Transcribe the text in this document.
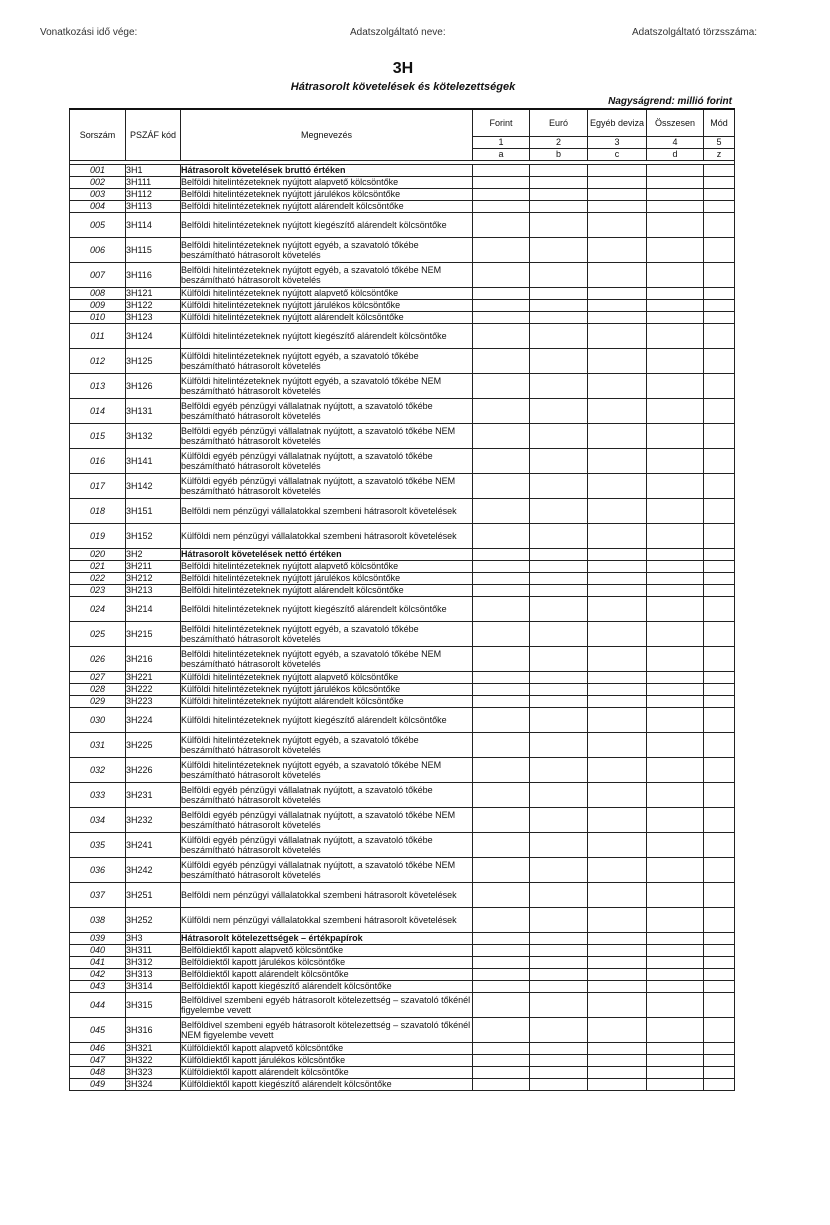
Vonatkozási idő vége:	Adatszolgáltató neve:	Adatszolgáltató törzsszáma:
3H
Hátrasorolt követelések és kötelezettségek
Nagyságrend: millió forint
Sorszám	PSZÁF kód	Megnevezés	Forint	Euró	Egyéb deviza	Összesen	Mód
			1	2	3	4	5
			a	b	c	d	z

001	3H1	Hátrasorolt követelések bruttó értéken					
002	3H111	Belföldi hitelintézeteknek nyújtott alapvető kölcsöntőke					
003	3H112	Belföldi hitelintézeteknek nyújtott járulékos kölcsöntőke					
004	3H113	Belföldi hitelintézeteknek nyújtott alárendelt kölcsöntőke					
005	3H114	Belföldi hitelintézeteknek nyújtott kiegészítő alárendelt kölcsöntőke					
006	3H115	Belföldi hitelintézeteknek nyújtott egyéb, a szavatoló tőkébe beszámítható hátrasorolt követelés					
007	3H116	Belföldi hitelintézeteknek nyújtott egyéb, a szavatoló tőkébe NEM beszámítható hátrasorolt követelés					
008	3H121	Külföldi hitelintézeteknek nyújtott alapvető kölcsöntőke					
009	3H122	Külföldi hitelintézeteknek nyújtott járulékos kölcsöntőke					
010	3H123	Külföldi hitelintézeteknek nyújtott alárendelt kölcsöntőke					
011	3H124	Külföldi hitelintézeteknek nyújtott kiegészítő alárendelt kölcsöntőke					
012	3H125	Külföldi hitelintézeteknek nyújtott egyéb, a szavatoló tőkébe beszámítható hátrasorolt követelés					
013	3H126	Külföldi hitelintézeteknek nyújtott egyéb, a szavatoló tőkébe NEM beszámítható hátrasorolt követelés					
014	3H131	Belföldi egyéb pénzügyi vállalatnak nyújtott, a szavatoló tőkébe beszámítható hátrasorolt követelés					
015	3H132	Belföldi egyéb pénzügyi vállalatnak nyújtott, a szavatoló tőkébe NEM beszámítható hátrasorolt követelés					
016	3H141	Külföldi egyéb pénzügyi vállalatnak nyújtott, a szavatoló tőkébe beszámítható hátrasorolt követelés					
017	3H142	Külföldi egyéb pénzügyi vállalatnak nyújtott, a szavatoló tőkébe NEM beszámítható hátrasorolt követelés					
018	3H151	Belföldi nem pénzügyi vállalatokkal szembeni hátrasorolt követelések					
019	3H152	Külföldi nem pénzügyi vállalatokkal szembeni hátrasorolt követelések					
020	3H2	Hátrasorolt követelések nettó értéken					
021	3H211	Belföldi hitelintézeteknek nyújtott alapvető kölcsöntőke					
022	3H212	Belföldi hitelintézeteknek nyújtott járulékos kölcsöntőke					
023	3H213	Belföldi hitelintézeteknek nyújtott alárendelt kölcsöntőke					
024	3H214	Belföldi hitelintézeteknek nyújtott kiegészítő alárendelt kölcsöntőke					
025	3H215	Belföldi hitelintézeteknek nyújtott egyéb, a szavatoló tőkébe beszámítható hátrasorolt követelés					
026	3H216	Belföldi hitelintézeteknek nyújtott egyéb, a szavatoló tőkébe NEM beszámítható hátrasorolt követelés					
027	3H221	Külföldi hitelintézeteknek nyújtott alapvető kölcsöntőke					
028	3H222	Külföldi hitelintézeteknek nyújtott járulékos kölcsöntőke					
029	3H223	Külföldi hitelintézeteknek nyújtott alárendelt kölcsöntőke					
030	3H224	Külföldi hitelintézeteknek nyújtott kiegészítő alárendelt kölcsöntőke					
031	3H225	Külföldi hitelintézeteknek nyújtott egyéb, a szavatoló tőkébe beszámítható hátrasorolt követelés					
032	3H226	Külföldi hitelintézeteknek nyújtott egyéb, a szavatoló tőkébe NEM beszámítható hátrasorolt követelés					
033	3H231	Belföldi egyéb pénzügyi vállalatnak nyújtott, a szavatoló tőkébe beszámítható hátrasorolt követelés					
034	3H232	Belföldi egyéb pénzügyi vállalatnak nyújtott, a szavatoló tőkébe NEM beszámítható hátrasorolt követelés					
035	3H241	Külföldi egyéb pénzügyi vállalatnak nyújtott, a szavatoló tőkébe beszámítható hátrasorolt követelés					
036	3H242	Külföldi egyéb pénzügyi vállalatnak nyújtott, a szavatoló tőkébe NEM beszámítható hátrasorolt követelés					
037	3H251	Belföldi nem pénzügyi vállalatokkal szembeni hátrasorolt követelések					
038	3H252	Külföldi nem pénzügyi vállalatokkal szembeni hátrasorolt követelések					
039	3H3	Hátrasorolt kötelezettségek – értékpapírok					
040	3H311	Belföldiektől kapott alapvető kölcsöntőke					
041	3H312	Belföldiektől kapott járulékos kölcsöntőke					
042	3H313	Belföldiektől kapott alárendelt kölcsöntőke					
043	3H314	Belföldiektől kapott kiegészítő alárendelt kölcsöntőke					
044	3H315	Belföldivel szembeni egyéb hátrasorolt kötelezettség – szavatoló tőkénél figyelembe vevett					
045	3H316	Belföldivel szembeni egyéb hátrasorolt kötelezettség – szavatoló tőkénél NEM figyelembe vevett					
046	3H321	Külföldiektől kapott alapvető kölcsöntőke					
047	3H322	Külföldiektől kapott járulékos kölcsöntőke					
048	3H323	Külföldiektől kapott alárendelt kölcsöntőke					
049	3H324	Külföldiektől kapott kiegészítő alárendelt kölcsöntőke					
